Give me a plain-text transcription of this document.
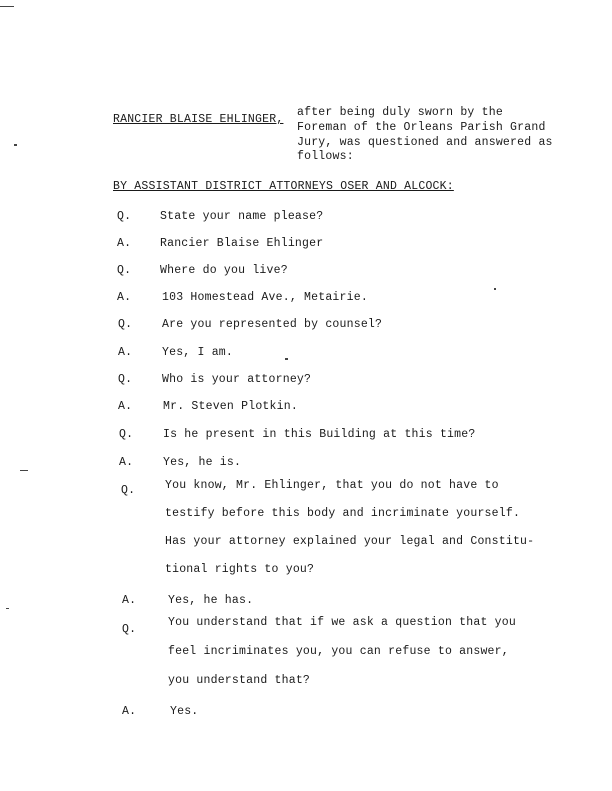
RANCIER BLAISE EHLINGER,
after being duly sworn by the
Foreman of the Orleans Parish Grand
Jury, was questioned and answered as
follows:
BY ASSISTANT DISTRICT ATTORNEYS OSER AND ALCOCK:
Q.	State your name please?
A.	Rancier Blaise Ehlinger
Q.	Where do you live?
A.	103 Homestead Ave., Metairie.
Q.	Are you represented by counsel?
A.	Yes, I am.
Q.	Who is your attorney?
A.	Mr. Steven Plotkin.
Q.	Is he present in this Building at this time?
A.	Yes, he is.
Q.	You know, Mr. Ehlinger, that you do not have to
testify before this body and incriminate yourself.
Has your attorney explained your legal and Constitu-
tional rights to you?
A.	Yes, he has.
Q.
You understand that if we ask a question that you
feel incriminates you, you can refuse to answer,
you understand that?
A.	Yes.
